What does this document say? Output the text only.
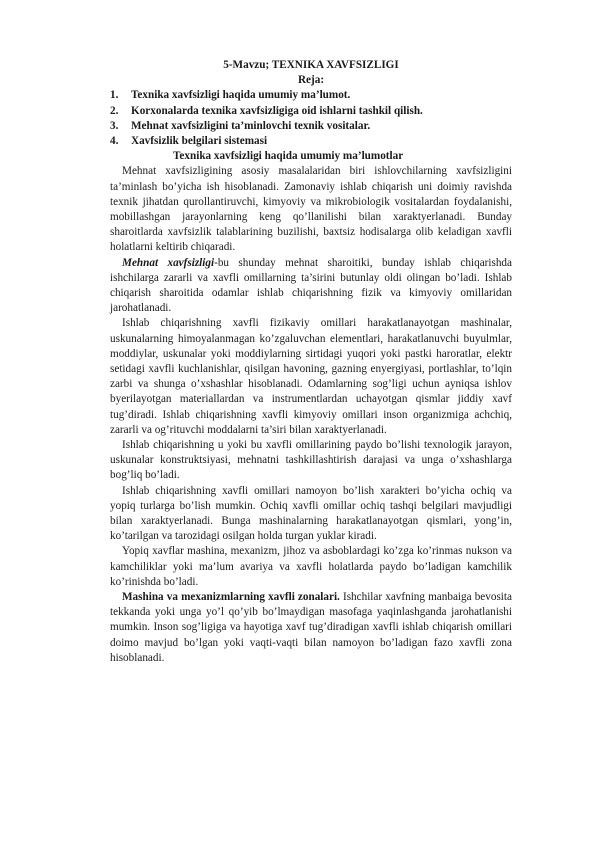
5-Mavzu; TEXNIKA XAVFSIZLIGI
Reja:
1. Texnika xavfsizligi haqida umumiy ma’lumot.
2. Korxonalarda texnika xavfsizligiga oid ishlarni tashkil qilish.
3. Mehnat xavfsizligini ta’minlovchi texnik vositalar.
4. Xavfsizlik belgilari sistemasi
Texnika xavfsizligi haqida umumiy ma’lumotlar

Mehnat xavfsizligining asosiy masalalaridan biri ishlovchilarning xavfsizligini ta’minlash bo’yicha ish hisoblanadi. Zamonaviy ishlab chiqarish uni doimiy ravishda texnik jihatdan qurollantiruvchi, kimyoviy va mikrobiologik vositalardan foydalanishi, mobillashgan jarayonlarning keng qo’llanilishi bilan xaraktyerlanadi. Bunday sharoitlarda xavfsizlik talablarining buzilishi, baxtsiz hodisalarga olib keladigan xavfli holatlarni keltirib chiqaradi.

Mehnat xavfsizligi-bu shunday mehnat sharoitiki, bunday ishlab chiqarishda ishchilarga zararli va xavfli omillarning ta’sirini butunlay oldi olingan bo’ladi. Ishlab chiqarish sharoitida odamlar ishlab chiqarishning fizik va kimyoviy omillaridan jarohatlanadi.

Ishlab chiqarishning xavfli fizikaviy omillari harakatlanayotgan mashinalar, uskunalarning himoyalanmagan ko’zgaluvchan elementlari, harakatlanuvchi buyulmlar, moddiylar, uskunalar yoki moddiylarning sirtidagi yuqori yoki pastki haroratlar, elektr setidagi xavfli kuchlanishlar, qisilgan havoning, gazning enyergiyasi, portlashlar, to’lqin zarbi va shunga o’xshashlar hisoblanadi. Odamlarning sog’ligi uchun ayniqsa ishlov byerilayotgan materiallardan va instrumentlardan uchayotgan qismlar jiddiy xavf tug’diradi. Ishlab chiqarishning xavfli kimyoviy omillari inson organizmiga achchiq, zararli va og’rituvchi moddalarni ta’siri bilan xaraktyerlanadi.

Ishlab chiqarishning u yoki bu xavfli omillarining paydo bo’lishi texnologik jarayon, uskunalar konstruktsiyasi, mehnatni tashkillashtirish darajasi va unga o’xshashlarga bog’liq bo’ladi.

Ishlab chiqarishning xavfli omillari namoyon bo’lish xarakteri bo’yicha ochiq va yopiq turlarga bo’lish mumkin. Ochiq xavfli omillar ochiq tashqi belgilari mavjudligi bilan xaraktyerlanadi. Bunga mashinalarning harakatlanayotgan qismlari, yong’in, ko’tarilgan va tarozidagi osilgan holda turgan yuklar kiradi.

Yopiq xavflar mashina, mexanizm, jihoz va asboblardagi ko’zga ko’rinmas nukson va kamchiliklar yoki ma’lum avariya va xavfli holatlarda paydo bo’ladigan kamchilik ko’rinishda bo’ladi.

Mashina va mexanizmlarning xavfli zonalari. Ishchilar xavfning manbaiga bevosita tekkanda yoki unga yo’l qo’yib bo’lmaydigan masofaga yaqinlashganda jarohatlanishi mumkin. Inson sog’ligiga va hayotiga xavf tug’diradigan xavfli ishlab chiqarish omillari doimo mavjud bo’lgan yoki vaqti-vaqti bilan namoyon bo’ladigan fazo xavfli zona hisoblanadi.
